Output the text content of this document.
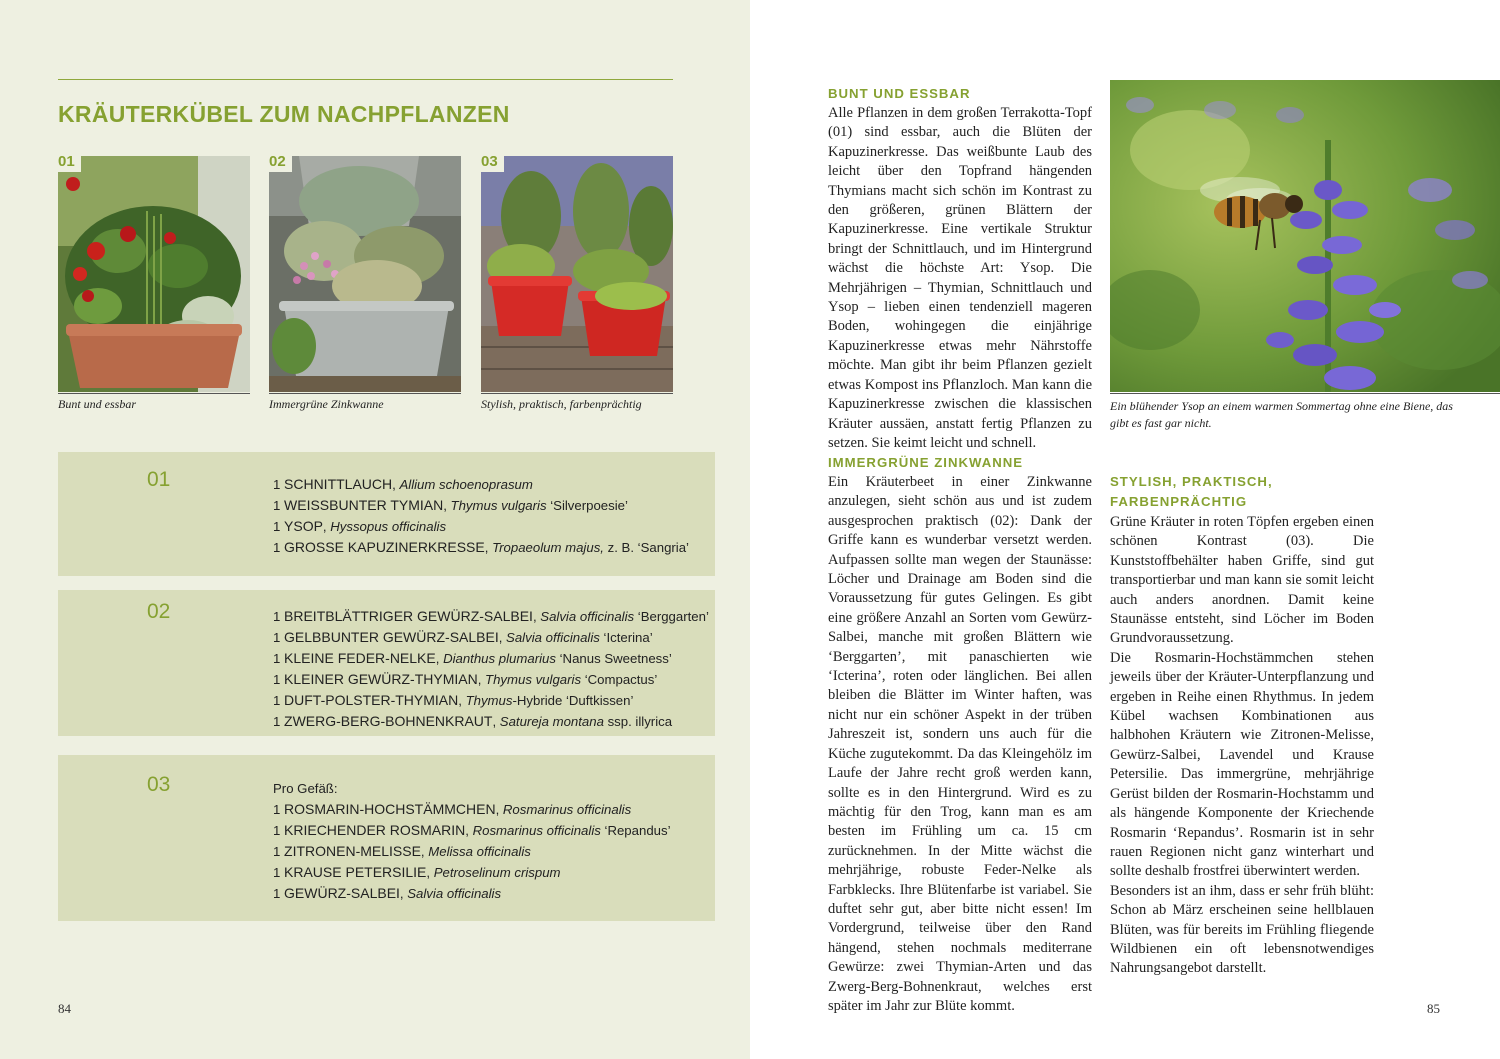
KRÄUTERKÜBEL ZUM NACHPFLANZEN
01
Bunt und essbar
02
Immergrüne Zinkwanne
03
Stylish, praktisch, farbenprächtig
01	1 SCHNITTLAUCH, Allium schoenoprasum
1 WEISSBUNTER TYMIAN, Thymus vulgaris ‘Silverpoesie’
1 YSOP, Hyssopus officinalis
1 GROSSE KAPUZINERKRESSE, Tropaeolum majus, z. B. ‘Sangria’
02	1 BREITBLÄTTRIGER GEWÜRZ-SALBEI, Salvia officinalis ‘Berggarten’
1 GELBBUNTER GEWÜRZ-SALBEI, Salvia officinalis ‘Icterina’
1 KLEINE FEDER-NELKE, Dianthus plumarius ‘Nanus Sweetness’
1 KLEINER GEWÜRZ-THYMIAN, Thymus vulgaris ‘Compactus’
1 DUFT-POLSTER-THYMIAN, Thymus-Hybride ‘Duftkissen’
1 ZWERG-BERG-BOHNENKRAUT, Satureja montana ssp. illyrica
03	Pro Gefäß:
1 ROSMARIN-HOCHSTÄMMCHEN, Rosmarinus officinalis
1 KRIECHENDER ROSMARIN, Rosmarinus officinalis ‘Repandus’
1 ZITRONEN-MELISSE, Melissa officinalis
1 KRAUSE PETERSILIE, Petroselinum crispum
1 GEWÜRZ-SALBEI, Salvia officinalis
84
BUNT UND ESSBAR

Alle Pflanzen in dem großen Terrakotta-Topf (01) sind essbar, auch die Blüten der Kapuzinerkresse. Das weißbunte Laub des leicht über den Topfrand hängenden Thymians macht sich schön im Kontrast zu den größeren, grünen Blättern der Kapuzinerkresse. Eine vertikale Struktur bringt der Schnittlauch, und im Hintergrund wächst die höchste Art: Ysop. Die Mehrjährigen – Thymian, Schnittlauch und Ysop – lieben einen tendenziell mageren Boden, wohingegen die einjährige Kapuzinerkresse etwas mehr Nährstoffe möchte. Man gibt ihr beim Pflanzen gezielt etwas Kompost ins Pflanzloch. Man kann die Kapuzinerkresse zwischen die klassischen Kräuter aussäen, anstatt fertig Pflanzen zu setzen. Sie keimt leicht und schnell.

IMMERGRÜNE ZINKWANNE

Ein Kräuterbeet in einer Zinkwanne anzulegen, sieht schön aus und ist zudem ausgesprochen praktisch (02): Dank der Griffe kann es wunderbar versetzt werden. Aufpassen sollte man wegen der Staunässe: Löcher und Drainage am Boden sind die Voraussetzung für gutes Gelingen. Es gibt eine größere Anzahl an Sorten vom Gewürz-Salbei, manche mit großen Blättern wie ‘Berggarten’, mit panaschierten wie ‘Icterina’, roten oder länglichen. Bei allen bleiben die Blätter im Winter haften, was nicht nur ein schöner Aspekt in der trüben Jahreszeit ist, sondern uns auch für die Küche zugutekommt. Da das Kleingehölz im Laufe der Jahre recht groß werden kann, sollte es in den Hintergrund. Wird es zu mächtig für den Trog, kann man es am besten im Frühling um ca. 15 cm zurücknehmen. In der Mitte wächst die mehrjährige, robuste Feder-Nelke als Farbklecks. Ihre Blütenfarbe ist variabel. Sie duftet sehr gut, aber bitte nicht essen! Im Vordergrund, teilweise über den Rand hängend, stehen nochmals mediterrane Gewürze: zwei Thymian-Arten und das Zwerg-Berg-Bohnenkraut, welches erst später im Jahr zur Blüte kommt.

Ein blühender Ysop an einem warmen Sommertag ohne eine Biene, das gibt es fast gar nicht.

STYLISH, PRAKTISCH, FARBENPRÄCHTIG

Grüne Kräuter in roten Töpfen ergeben einen schönen Kontrast (03). Die Kunststoffbehälter haben Griffe, sind gut transportierbar und man kann sie somit leicht auch anders anordnen. Damit keine Staunässe entsteht, sind Löcher im Boden Grundvoraussetzung.

Die Rosmarin-Hochstämmchen stehen jeweils über der Kräuter-Unterpflanzung und ergeben in Reihe einen Rhythmus. In jedem Kübel wachsen Kombinationen aus halbhohen Kräutern wie Zitronen-Melisse, Gewürz-Salbei, Lavendel und Krause Petersilie. Das immergrüne, mehrjährige Gerüst bilden der Rosmarin-Hochstamm und als hängende Komponente der Kriechende Rosmarin ‘Repandus’. Rosmarin ist in sehr rauen Regionen nicht ganz winterhart und sollte deshalb frostfrei überwintert werden.

Besonders ist an ihm, dass er sehr früh blüht: Schon ab März erscheinen seine hellblauen Blüten, was für bereits im Frühling fliegende Wildbienen ein oft lebensnotwendiges Nahrungsangebot darstellt.

85
